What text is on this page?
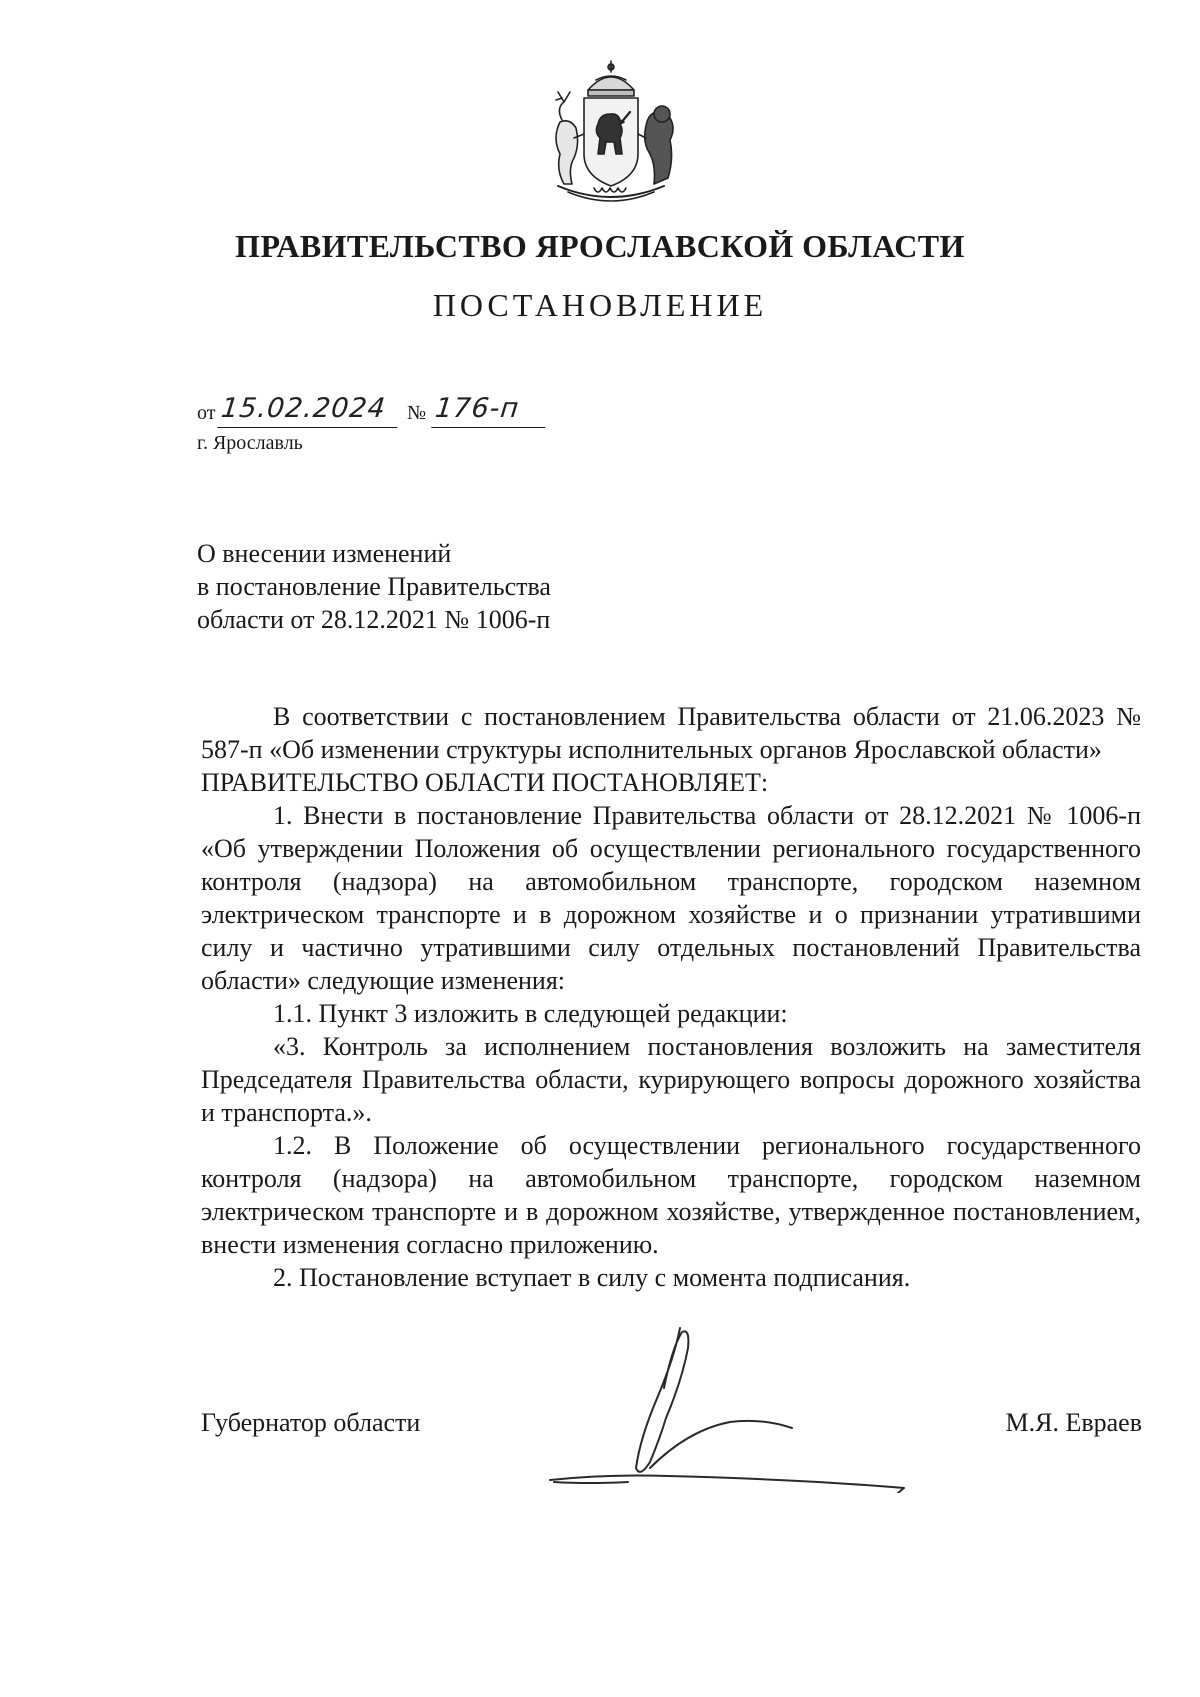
ПРАВИТЕЛЬСТВО ЯРОСЛАВСКОЙ ОБЛАСТИ
ПОСТАНОВЛЕНИЕ
от 15.02.2024 № 176-п
г. Ярославль
О внесении изменений
в постановление Правительства
области от 28.12.2021 № 1006-п

В соответствии с постановлением Правительства области от 21.06.2023 № 587-п «Об изменении структуры исполнительных органов Ярославской области»

ПРАВИТЕЛЬСТВО ОБЛАСТИ ПОСТАНОВЛЯЕТ:

1. Внести в постановление Правительства области от 28.12.2021 № 1006-п «Об утверждении Положения об осуществлении регионального государственного контроля (надзора) на автомобильном транспорте, городском наземном электрическом транспорте и в дорожном хозяйстве и о признании утратившими силу и частично утратившими силу отдельных постановлений Правительства области» следующие изменения:

1.1. Пункт 3 изложить в следующей редакции:

«3. Контроль за исполнением постановления возложить на заместителя Председателя Правительства области, курирующего вопросы дорожного хозяйства и транспорта.».

1.2. В Положение об осуществлении регионального государственного контроля (надзора) на автомобильном транспорте, городском наземном электрическом транспорте и в дорожном хозяйстве, утвержденное постановлением, внести изменения согласно приложению.

2. Постановление вступает в силу с момента подписания.

Губернатор области	М.Я. Евраев
